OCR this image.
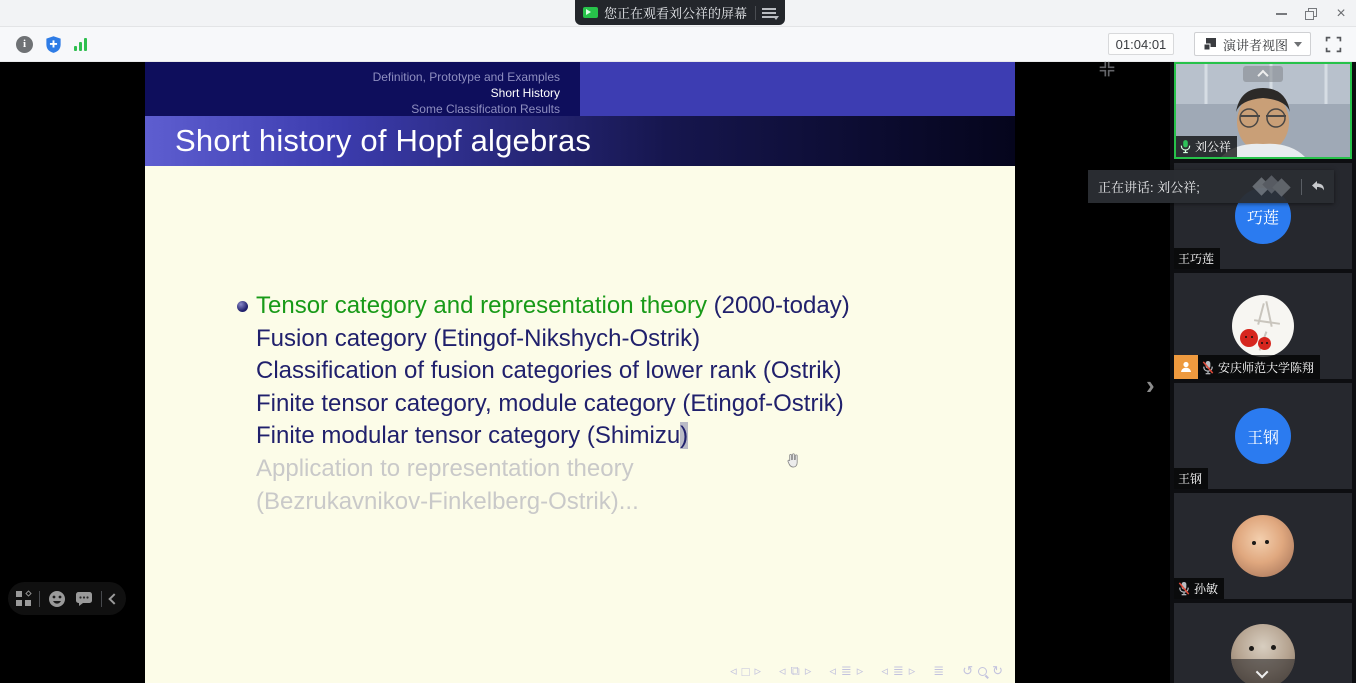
您正在观看刘公祥的屏幕	×
i	01:04:01	演讲者视图
Definition, Prototype and Examples
Short History
Some Classification Results
Short history of Hopf algebras

Tensor category and representation theory (2000-today)

Fusion category (Etingof-Nikshych-Ostrik)

Classification of fusion categories of lower rank (Ostrik)

Finite tensor category, module category (Etingof-Ostrik)

Finite modular tensor category (Shimizu)

Application to representation theory

(Bezrukavnikov-Finkelberg-Ostrik)...

◃ □ ▹ ◃ ⧉ ▹ ◃ ≣ ▹ ◃ ≣ ▹ ≣ ↺ ↻
›
刘公祥
巧莲
王巧莲
安庆师范大学陈翔
王钢
王钢
孙敏
正在讲话: 刘公祥;
